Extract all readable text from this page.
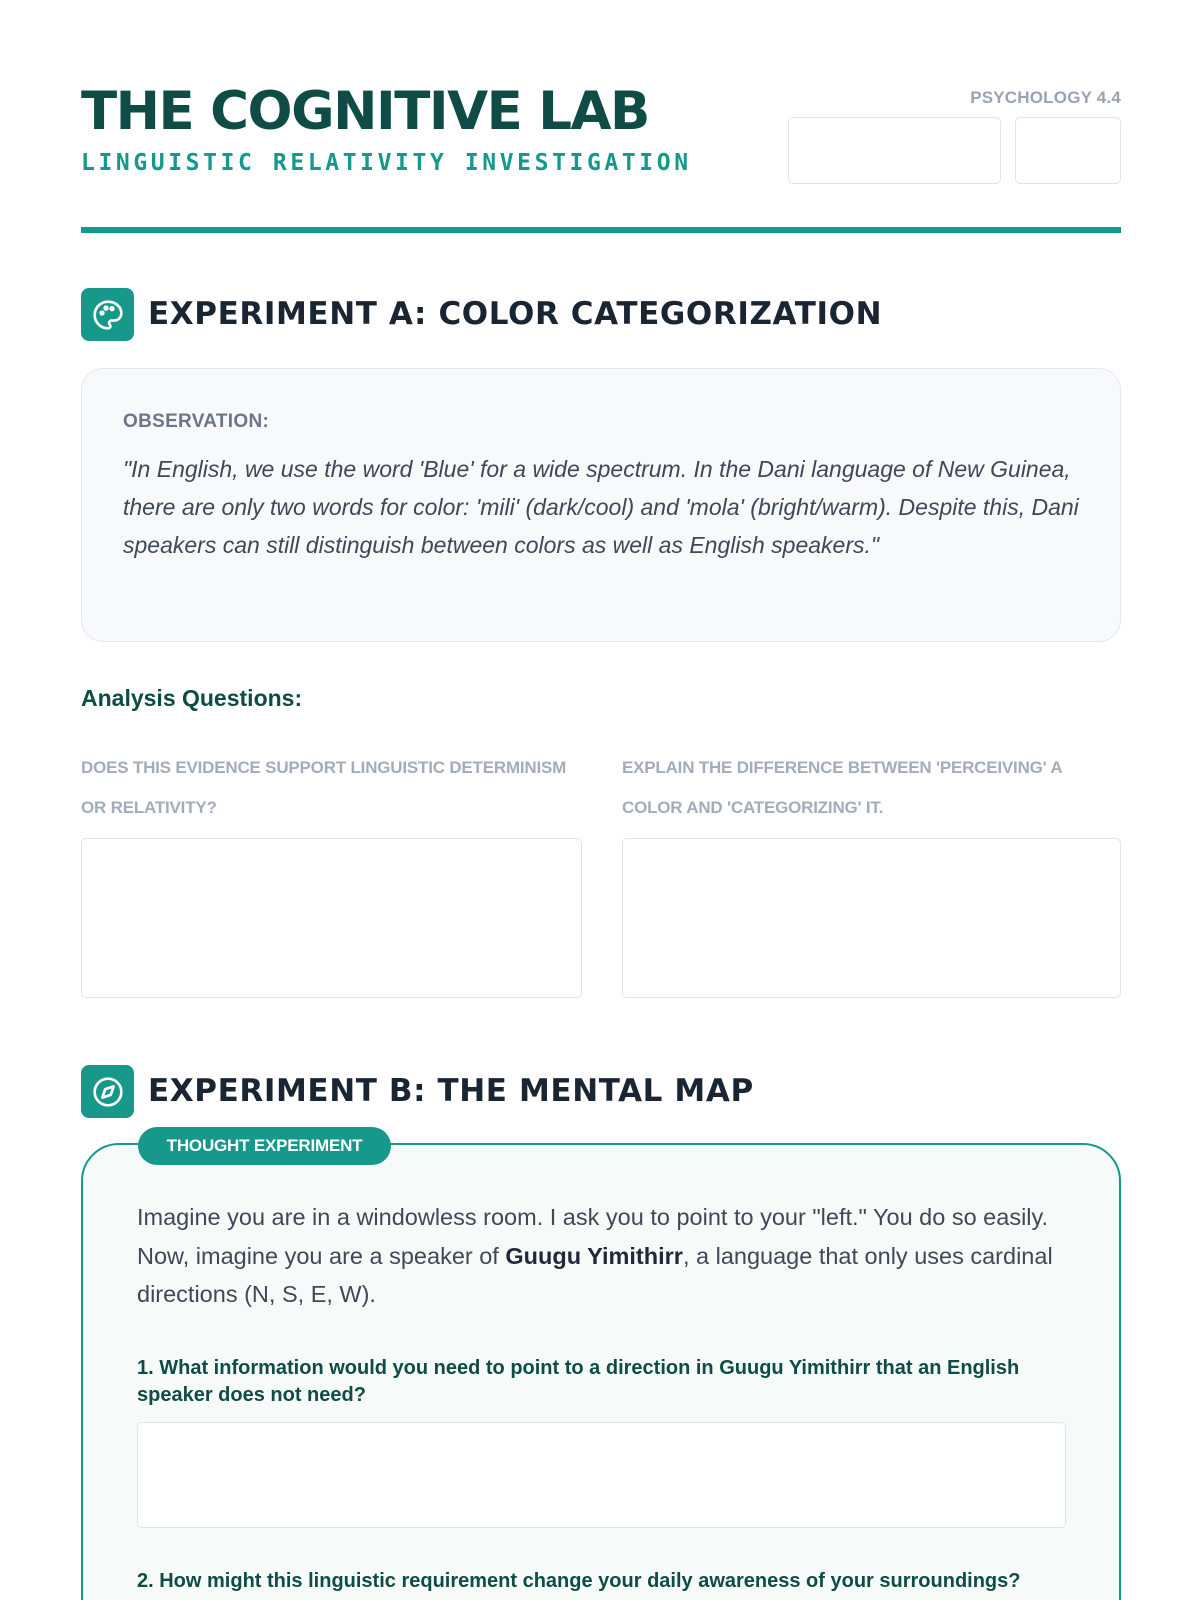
THE COGNITIVE LAB
LINGUISTIC RELATIVITY INVESTIGATION
PSYCHOLOGY 4.4
EXPERIMENT A: COLOR CATEGORIZATION
OBSERVATION:
"In English, we use the word 'Blue' for a wide spectrum. In the Dani language of New Guinea, there are only two words for color: 'mili' (dark/cool) and 'mola' (bright/warm). Despite this, Dani speakers can still distinguish between colors as well as English speakers."
Analysis Questions:
DOES THIS EVIDENCE SUPPORT LINGUISTIC DETERMINISM OR RELATIVITY?
EXPLAIN THE DIFFERENCE BETWEEN 'PERCEIVING' A COLOR AND 'CATEGORIZING' IT.
EXPERIMENT B: THE MENTAL MAP
THOUGHT EXPERIMENT
Imagine you are in a windowless room. I ask you to point to your "left." You do so easily. Now, imagine you are a speaker of Guugu Yimithirr, a language that only uses cardinal directions (N, S, E, W).
1. What information would you need to point to a direction in Guugu Yimithirr that an English speaker does not need?
2. How might this linguistic requirement change your daily awareness of your surroundings?
